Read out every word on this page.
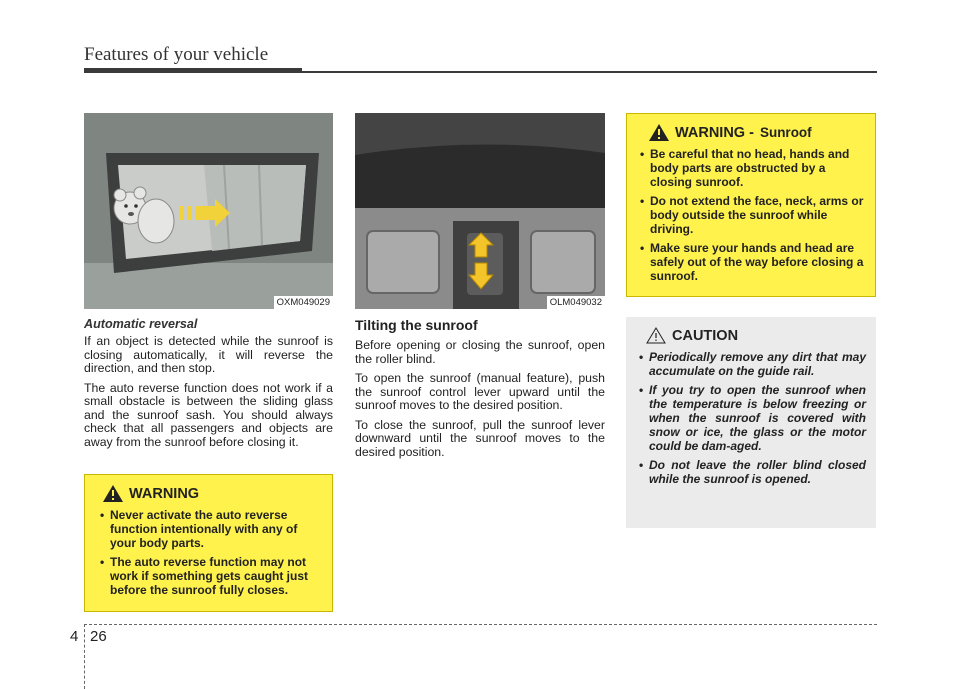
Features of your vehicle
OXM049029	OLM049032
Automatic reversal

If an object is detected while the sunroof is closing automatically, it will reverse the direction, and then stop.

The auto reverse function does not work if a small obstacle is between the sliding glass and the sunroof sash. You should always check that all passengers and objects are away from the sunroof before closing it.

WARNING
• Never activate the auto reverse function intentionally with any of your body parts.
• The auto reverse function may not work if something gets caught just before the sunroof fully closes.
Tilting the sunroof

Before opening or closing the sunroof, open the roller blind.

To open the sunroof (manual feature), push the sunroof control lever upward until the sunroof moves to the desired position.

To close the sunroof, pull the sunroof lever downward until the sunroof moves to the desired position.

WARNING - Sunroof
• Be careful that no head, hands and body parts are obstructed by a closing sunroof.
• Do not extend the face, neck, arms or body outside the sunroof while driving.
• Make sure your hands and head are safely out of the way before closing a sunroof.
CAUTION
• Periodically remove any dirt that may accumulate on the guide rail.
• If you try to open the sunroof when the temperature is below freezing or when the sunroof is covered with snow or ice, the glass or the motor could be dam-aged.
• Do not leave the roller blind closed while the sunroof is opened.
4 26
